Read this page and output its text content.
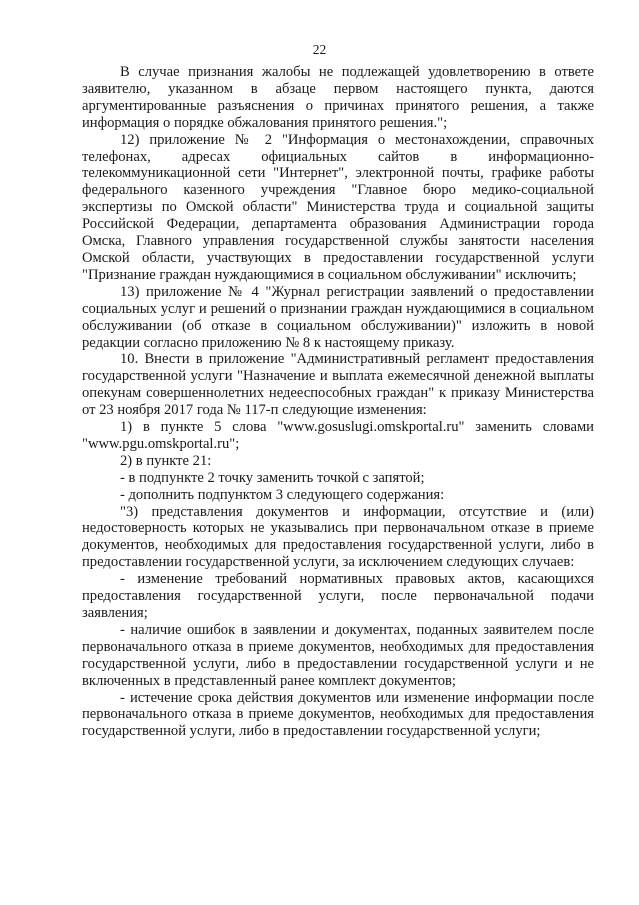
22

В случае признания жалобы не подлежащей удовлетворению в ответе заявителю, указанном в абзаце первом настоящего пункта, даются аргументированные разъяснения о причинах принятого решения, а также информация о порядке обжалования принятого решения.";

12) приложение № 2 "Информация о местонахождении, справочных телефонах, адресах официальных сайтов в информационно-телекоммуникационной сети "Интернет", электронной почты, графике работы федерального казенного учреждения "Главное бюро медико-социальной экспертизы по Омской области" Министерства труда и социальной защиты Российской Федерации, департамента образования Администрации города Омска, Главного управления государственной службы занятости населения Омской области, участвующих в предоставлении государственной услуги "Признание граждан нуждающимися в социальном обслуживании" исключить;

13) приложение № 4 "Журнал регистрации заявлений о предоставлении социальных услуг и решений о признании граждан нуждающимися в социальном обслуживании (об отказе в социальном обслуживании)" изложить в новой редакции согласно приложению № 8 к настоящему приказу.

10. Внести в приложение "Административный регламент предоставления государственной услуги "Назначение и выплата ежемесячной денежной выплаты опекунам совершеннолетних недееспособных граждан" к приказу Министерства от 23 ноября 2017 года № 117-п следующие изменения:

1) в пункте 5 слова "www.gosuslugi.omskportal.ru" заменить словами "www.pgu.omskportal.ru";

2) в пункте 21:

- в подпункте 2 точку заменить точкой с запятой;

- дополнить подпунктом 3 следующего содержания:

"3) представления документов и информации, отсутствие и (или) недостоверность которых не указывались при первоначальном отказе в приеме документов, необходимых для предоставления государственной услуги, либо в предоставлении государственной услуги, за исключением следующих случаев:

- изменение требований нормативных правовых актов, касающихся предоставления государственной услуги, после первоначальной подачи заявления;

- наличие ошибок в заявлении и документах, поданных заявителем после первоначального отказа в приеме документов, необходимых для предоставления государственной услуги, либо в предоставлении государственной услуги и не включенных в представленный ранее комплект документов;

- истечение срока действия документов или изменение информации после первоначального отказа в приеме документов, необходимых для предоставления государственной услуги, либо в предоставлении государственной услуги;
